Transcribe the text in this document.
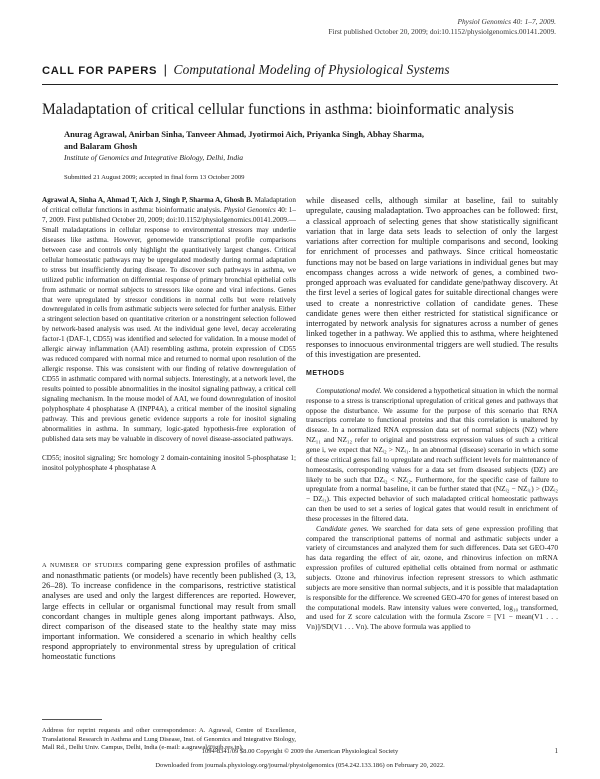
Physiol Genomics 40: 1–7, 2009.
First published October 20, 2009; doi:10.1152/physiolgenomics.00141.2009.
CALL FOR PAPERS | Computational Modeling of Physiological Systems
Maladaptation of critical cellular functions in asthma: bioinformatic analysis
Anurag Agrawal, Anirban Sinha, Tanveer Ahmad, Jyotirmoi Aich, Priyanka Singh, Abhay Sharma,
and Balaram Ghosh
Institute of Genomics and Integrative Biology, Delhi, India
Submitted 21 August 2009; accepted in final form 13 October 2009

Agrawal A, Sinha A, Ahmad T, Aich J, Singh P, Sharma A, Ghosh B. Maladaptation of critical cellular functions in asthma: bioinformatic analysis. Physiol Genomics 40: 1–7, 2009. First published October 20, 2009; doi:10.1152/physiolgenomics.00141.2009.—Small maladaptations in cellular response to environmental stressors may underlie diseases like asthma. However, genomewide transcriptional profile comparisons between case and controls only highlight the quantitatively largest changes. Critical cellular homeostatic pathways may be upregulated modestly during normal adaptation to stress but insufficiently during disease. To discover such pathways in asthma, we utilized public information on differential response of primary bronchial epithelial cells from asthmatic or normal subjects to stressors like ozone and viral infections. Genes that were upregulated by stressor conditions in normal cells but were relatively downregulated in cells from asthmatic subjects were selected for further analysis. Either a stringent selection based on quantitative criterion or a nonstringent selection followed by network-based analysis was used. At the individual gene level, decay accelerating factor-1 (DAF-1, CD55) was identified and selected for validation. In a mouse model of allergic airway inflammation (AAI) resembling asthma, protein expression of CD55 was reduced compared with normal mice and returned to normal upon resolution of the allergic response. This was consistent with our finding of relative downregulation of CD55 in asthmatic compared with normal subjects. Interestingly, at a network level, the results pointed to possible abnormalities in the inositol signaling pathway, a critical cell signaling mechanism. In the mouse model of AAI, we found downregulation of inositol polyphosphate 4 phosphatase A (INPP4A), a critical member of the inositol signaling pathway. This and previous genetic evidence supports a role for inositol signaling abnormalities in asthma. In summary, logic-gated hypothesis-free exploration of published data sets may be valuable in discovery of novel disease-associated pathways.

CD55; inositol signaling; Src homology 2 domain-containing inositol 5-phosphatase 1; inositol polyphosphate 4 phosphatase A

A NUMBER OF STUDIES comparing gene expression profiles of asthmatic and nonasthmatic patients (or models) have recently been published (3, 13, 26–28). To increase confidence in the comparisons, restrictive statistical analyses are used and only the largest differences are reported. However, large effects in cellular or organismal functional may result from small concordant changes in multiple genes along important pathways. Also, direct comparison of the diseased state to the healthy state may miss important information. We considered a scenario in which healthy cells respond appropriately to environmental stress by upregulation of critical homeostatic functions

Address for reprint requests and other correspondence: A. Agrawal, Centre of Excellence, Translational Research in Asthma and Lung Disease, Inst. of Genomics and Integrative Biology, Mall Rd., Delhi Univ. Campus, Delhi, India (e-mail: a.agrawal@igib.res.in).

while diseased cells, although similar at baseline, fail to suitably upregulate, causing maladaptation. Two approaches can be followed: first, a classical approach of selecting genes that show statistically significant variation that in large data sets leads to selection of only the largest variations after correction for multiple comparisons and second, looking for enrichment of processes and pathways. Since critical homeostatic functions may not be based on large variations in individual genes but may encompass changes across a wide network of genes, a combined two-pronged approach was evaluated for candidate gene/pathway discovery. At the first level a series of logical gates for suitable directional changes were used to create a nonrestrictive collation of candidate genes. These candidate genes were then either restricted for statistical significance or interrogated by network analysis for signatures across a number of genes linked together in a pathway. We applied this to asthma, where heightened responses to innocuous environmental triggers are well studied. The results of this investigation are presented.

METHODS

Computational model. We considered a hypothetical situation in which the normal response to a stress is transcriptional upregulation of critical genes and pathways that oppose the disturbance. We assume for the purpose of this scenario that RNA transcripts correlate to functional proteins and that this correlation is unaltered by disease. In a normalized RNA expression data set of normal subjects (NZ) where NZ₁₁ and NZ₁₂ refer to original and poststress expression values of such a critical gene i, we expect that NZᵢ₂ > NZᵢ₁. In an abnormal (disease) scenario in which some of these critical genes fail to upregulate and reach sufficient levels for maintenance of homeostasis, corresponding values for a data set from diseased subjects (DZ) are likely to be such that DZᵢ₂ < NZᵢ₂. Furthermore, for the specific case of failure to upregulate from a normal baseline, it can be further stated that (NZᵢ₂ − NZᵢ₁) > (DZᵢ₂ − DZᵢ₁). This expected behavior of such maladapted critical homeostatic pathways can then be used to set a series of logical gates that would result in enrichment of these processes in the filtered data.

Candidate genes. We searched for data sets of gene expression profiling that compared the transcriptional patterns of normal and asthmatic subjects under a variety of circumstances and analyzed them for such differences. Data set GEO-470 has data regarding the effect of air, ozone, and rhinovirus infection on mRNA expression profiles of cultured epithelial cells obtained from normal or asthmatic subjects. Ozone and rhinovirus infection represent stressors to which asthmatic subjects are more sensitive than normal subjects, and it is possible that maladaptation is responsible for the difference. We screened GEO-470 for genes of interest based on the computational models. Raw intensity values were converted, log₁₀ transformed, and used for Z score calculation with the formula Zscore = [V1 − mean(V1 . . . Vn)]/SD(V1 . . . Vn). The above formula was applied to

1094-8341/09 $8.00 Copyright © 2009 the American Physiological Society	1
Downloaded from journals.physiology.org/journal/physiolgenomics (054.242.133.186) on February 20, 2022.
